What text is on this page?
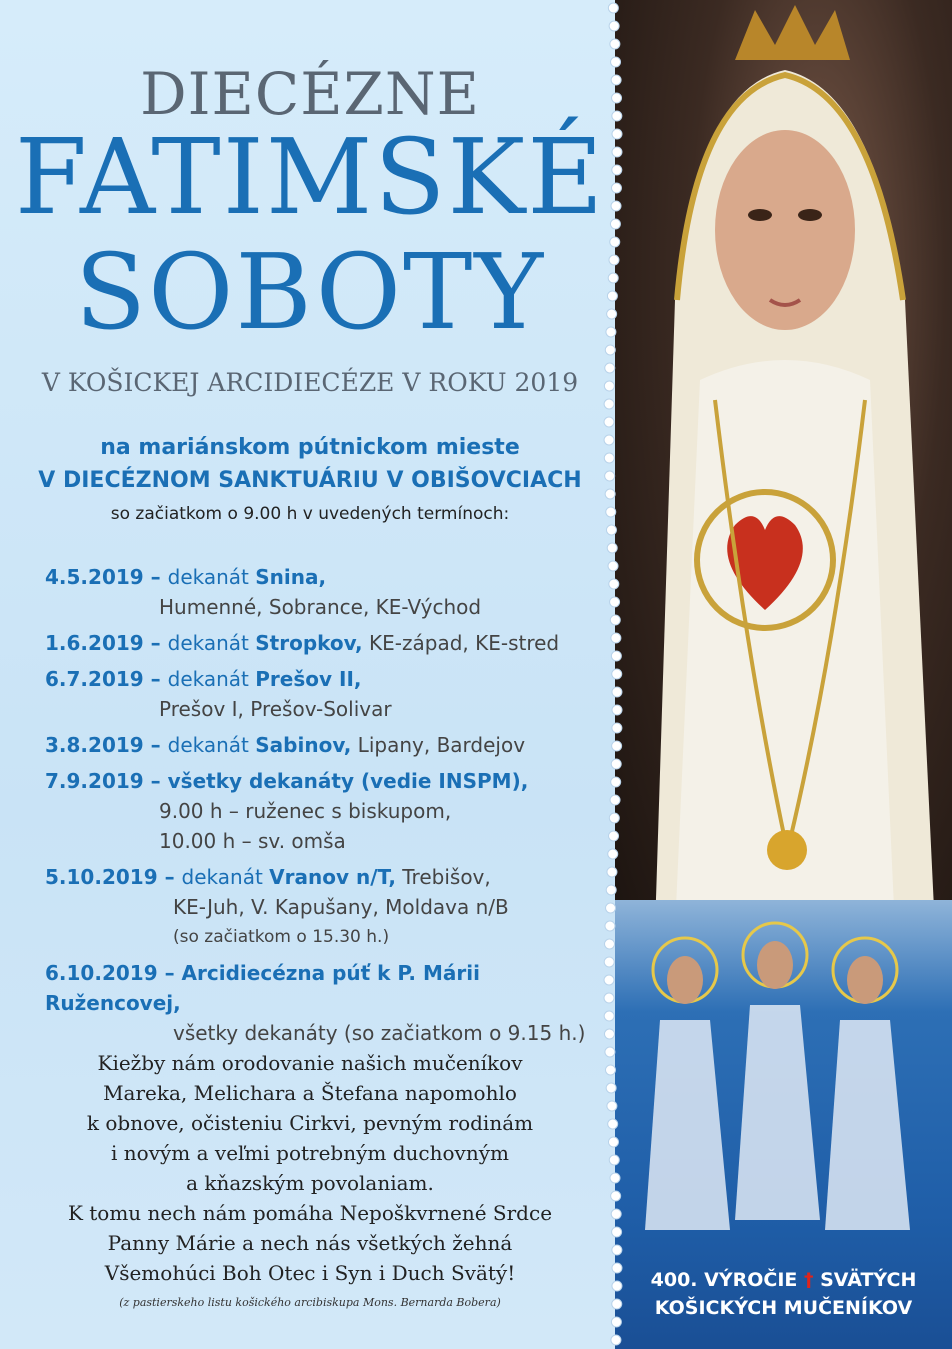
DIECÉZNE
FATIMSKÉ
SOBOTY
V KOŠICKEJ ARCIDIECÉZE V ROKU 2019
na mariánskom pútnickom mieste
V DIECÉZNOM SANKTUÁRIU V OBIŠOVCIACH
so začiatkom o 9.00 h v uvedených termínoch:
4.5.2019 – dekanát Snina,
Humenné, Sobrance, KE-Východ
1.6.2019 – dekanát Stropkov, KE-západ, KE-stred
6.7.2019 – dekanát Prešov II,
Prešov I, Prešov-Solivar
3.8.2019 – dekanát Sabinov, Lipany, Bardejov
7.9.2019 – všetky dekanáty (vedie INSPM),
9.00 h – ruženec s biskupom,
10.00 h – sv. omša
5.10.2019 – dekanát Vranov n/T, Trebišov,
KE-Juh, V. Kapušany, Moldava n/B
(so začiatkom o 15.30 h.)
6.10.2019 – Arcidiecézna púť k P. Márii Ružencovej,
všetky dekanáty (so začiatkom o 9.15 h.)
Kiežby nám orodovanie našich mučeníkov
Mareka, Melichara a Štefana napomohlo
k obnove, očisteniu Cirkvi, pevným rodinám
i novým a veľmi potrebným duchovným
a kňazským povolaniam.
K tomu nech nám pomáha Nepoškvrnené Srdce
Panny Márie a nech nás všetkých žehná
Všemohúci Boh Otec i Syn i Duch Svätý!
(z pastierskeho listu košického arcibiskupa Mons. Bernarda Bobera)
400. VÝROČIE † SVÄTÝCH
KOŠICKÝCH MUČENÍKOV
